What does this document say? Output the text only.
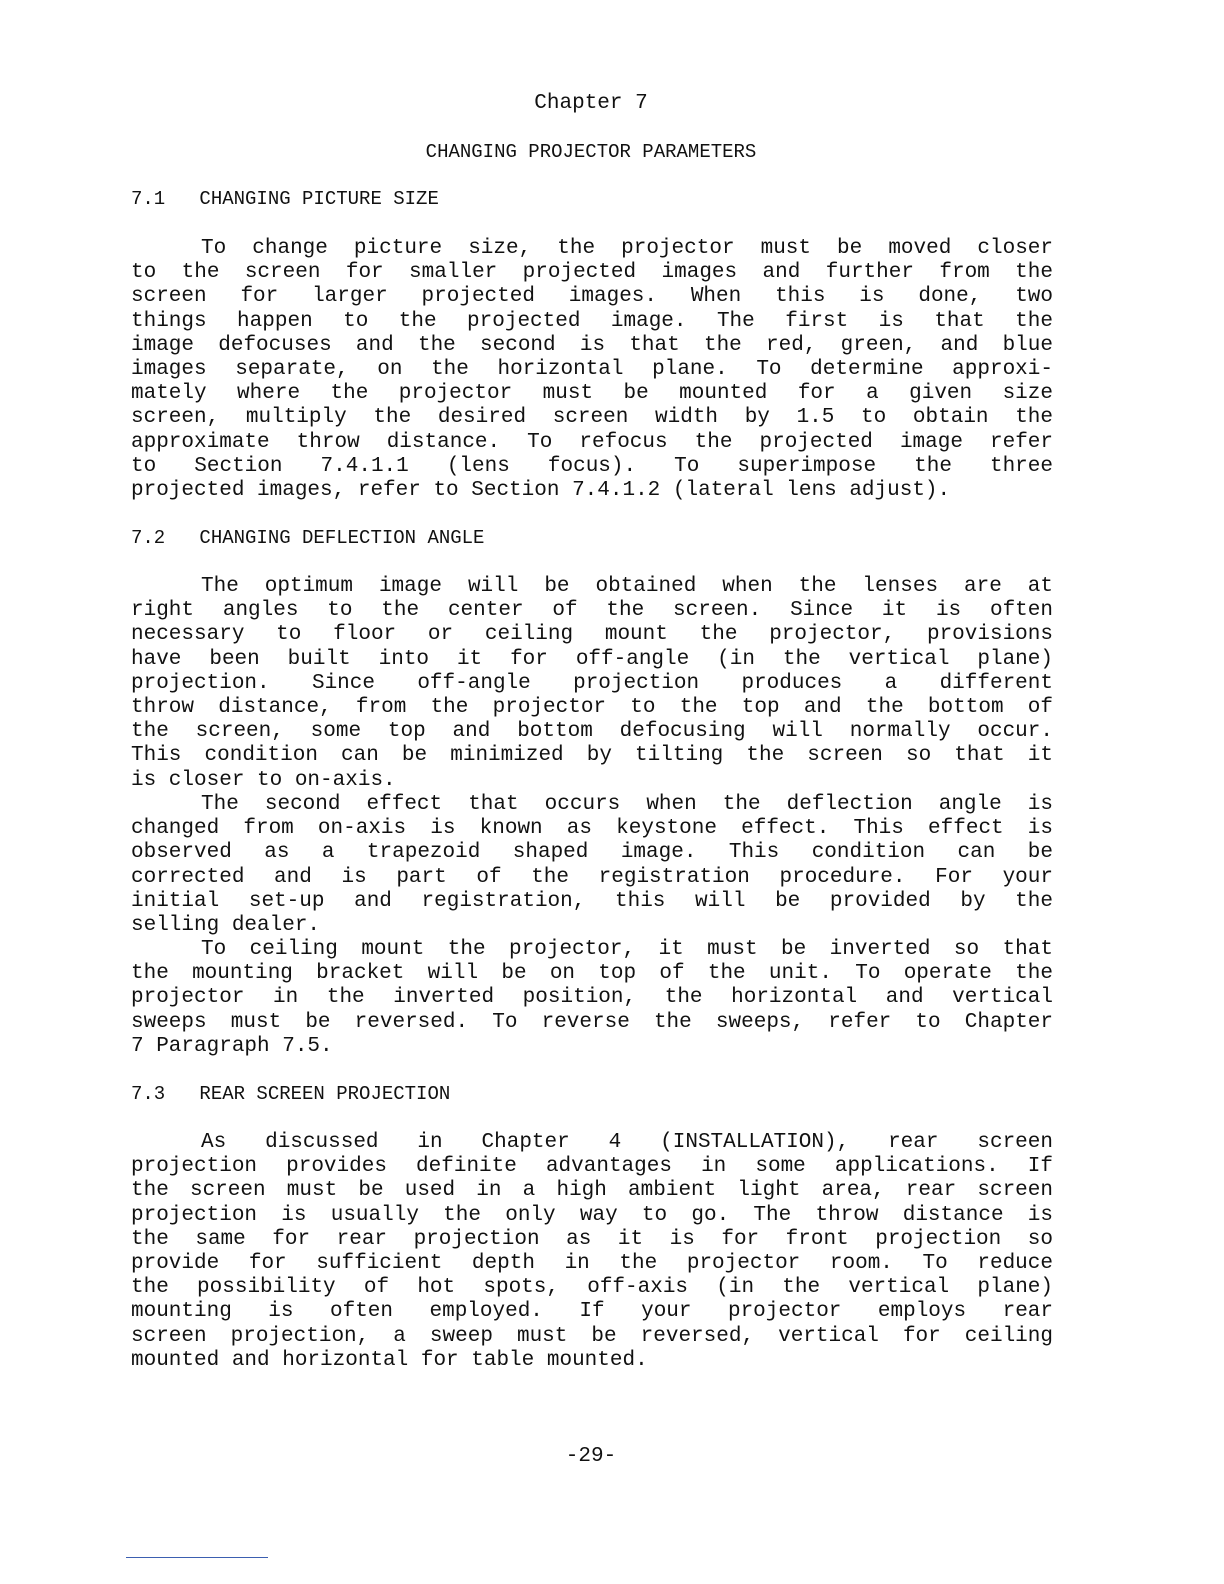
Chapter 7
CHANGING PROJECTOR PARAMETERS
7.1   CHANGING PICTURE SIZE
To change picture size, the projector must be moved closer
to the screen for smaller projected images and further from the
screen for larger projected images. When this is done, two
things happen to the projected image. The first is that the
image defocuses and the second is that the red, green, and blue
images separate, on the horizontal plane. To determine approxi-
mately where the projector must be mounted for a given size
screen, multiply the desired screen width by 1.5 to obtain the
approximate throw distance. To refocus the projected image refer
to Section 7.4.1.1 (lens focus). To superimpose the three
projected images, refer to Section 7.4.1.2 (lateral lens adjust).
7.2   CHANGING DEFLECTION ANGLE
The optimum image will be obtained when the lenses are at
right angles to the center of the screen. Since it is often
necessary to floor or ceiling mount the projector, provisions
have been built into it for off-angle (in the vertical plane)
projection. Since off-angle projection produces a different
throw distance, from the projector to the top and the bottom of
the screen, some top and bottom defocusing will normally occur.
This condition can be minimized by tilting the screen so that it
is closer to on-axis.
The second effect that occurs when the deflection angle is
changed from on-axis is known as keystone effect. This effect is
observed as a trapezoid shaped image. This condition can be
corrected and is part of the registration procedure. For your
initial set-up and registration, this will be provided by the
selling dealer.
To ceiling mount the projector, it must be inverted so that
the mounting bracket will be on top of the unit. To operate the
projector in the inverted position, the horizontal and vertical
sweeps must be reversed. To reverse the sweeps, refer to Chapter
7 Paragraph 7.5.
7.3   REAR SCREEN PROJECTION
As discussed in Chapter 4 (INSTALLATION), rear screen
projection provides definite advantages in some applications. If
the screen must be used in a high ambient light area, rear screen
projection is usually the only way to go. The throw distance is
the same for rear projection as it is for front projection so
provide for sufficient depth in the projector room. To reduce
the possibility of hot spots, off-axis (in the vertical plane)
mounting is often employed. If your projector employs rear
screen projection, a sweep must be reversed, vertical for ceiling
mounted and horizontal for table mounted.

-29-
